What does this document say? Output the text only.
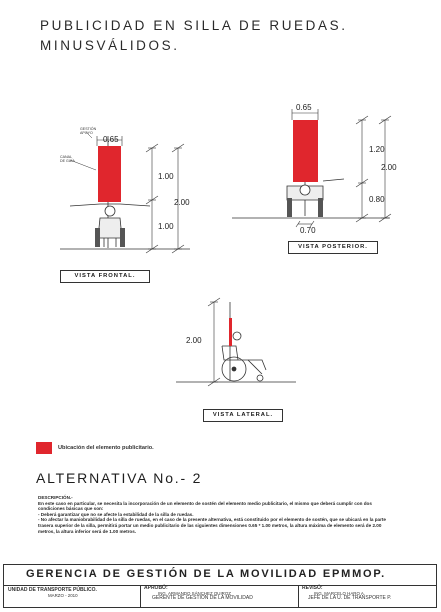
PUBLICIDAD EN SILLA DE RUEDAS.
MINUSVÁLIDOS.
GESTIÓN
APOYO
CANAL
DE GUÍA
0.65
1.00
2.00
1.00
VISTA FRONTAL.
0.65
1.20
2.00
0.80
0.70
VISTA POSTERIOR.
2.00
VISTA LATERAL.
Ubicación del elemento publicitario.
ALTERNATIVA No.- 2

DESCRIPCIÓN.-

En este caso en particular, se necesita la incorporación de un elemento de sostén del elemento medio publicitario, el mismo que deberá cumplir con dos condiciones básicas que son:

- Deberá garantizar que no se afecte la estabilidad de la silla de ruedas.

- No afectar la maniobrabilidad de la silla de ruedas, en el caso de la presente alternativa, está constituido por el elemento de sostén, que se ubicará en la parte trasera superior de la silla, permitirá portar un medio publicitario de las siguientes dimensiones 0.65 * 1.00 metros, la altura máxima de elemento será de 2.00 metros, la altura inferior será de 1.00 metros.

GERENCIA DE GESTIÓN DE LA MOVILIDAD EPMMOP.
UNIDAD DE TRANSPORTE PÚBLICO.
MARZO - 2010
APROBÓ:
ING. ARMANDO SÁNCHEZ QUIROZ
GERENTE DE GESTIÓN DE LA MOVILIDAD
REVISÓ:
ING. MARCELO HARO A.
JEFE DE LA U. DE TRANSPORTE P.
